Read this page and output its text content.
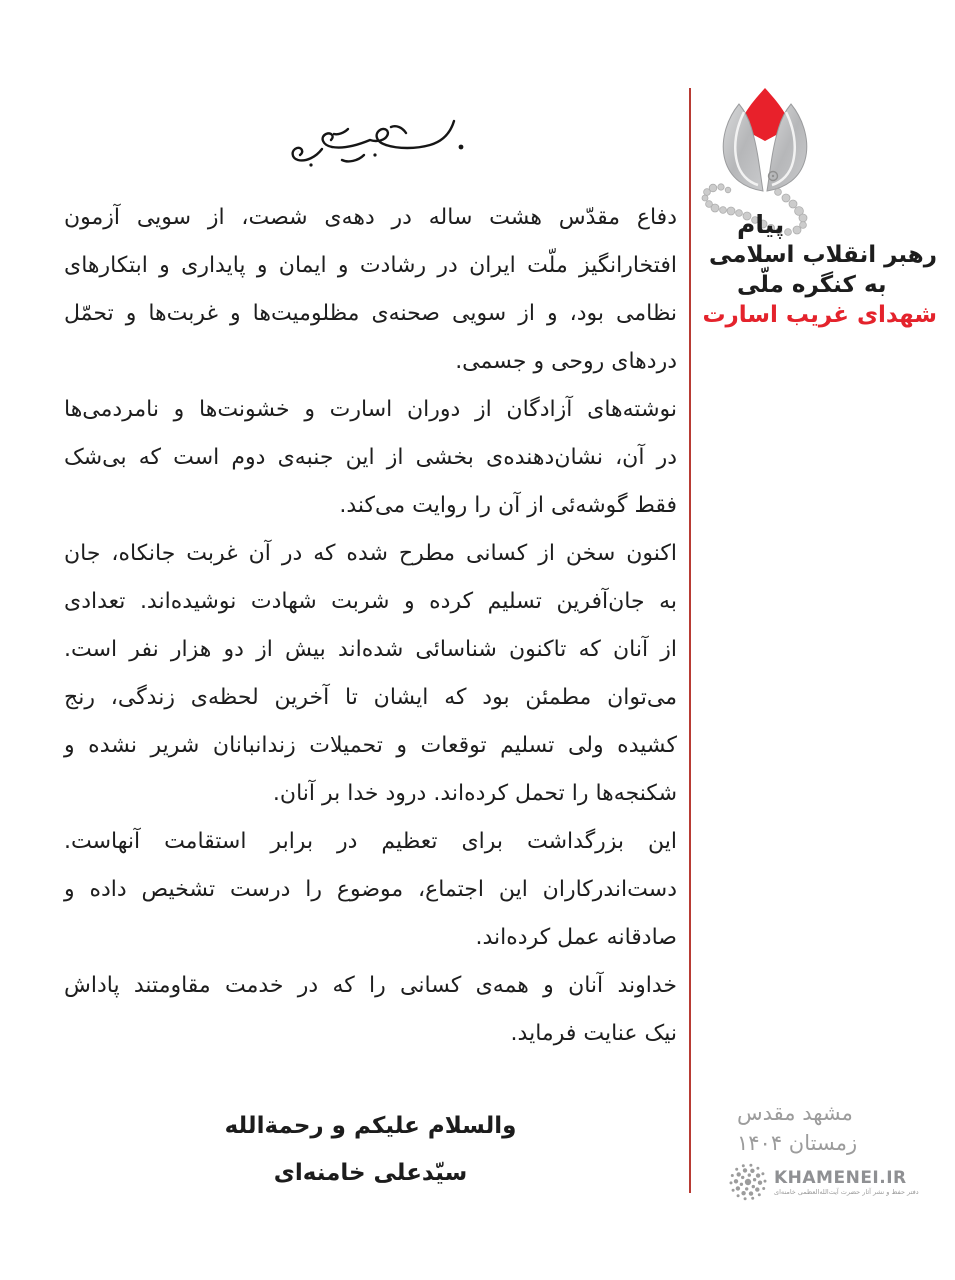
دفاع مقدّس هشت ساله در دهه‌ی شصت، از سویی آزمون
افتخارانگیز ملّت ایران در رشادت و ایمان و پایداری و ابتکارهای
نظامی بود، و از سویی صحنه‌ی مظلومیت‌ها و غربت‌ها و تحمّل
دردهای روحی و جسمی.
نوشته‌های آزادگان از دوران اسارت و خشونت‌ها و نامردمی‌ها
در آن، نشان‌دهنده‌ی بخشی از این جنبه‌ی دوم است که بی‌شک
فقط گوشه‌ئی از آن را روایت می‌کند.
اکنون سخن از کسانی مطرح شده که در آن غربت جانکاه، جان
به جان‌آفرین تسلیم کرده و شربت شهادت نوشیده‌اند. تعدادی
از آنان که تاکنون شناسائی شده‌اند بیش از دو هزار نفر است.
می‌توان مطمئن بود که ایشان تا آخرین لحظه‌ی زندگی، رنج
کشیده ولی تسلیم توقعات و تحمیلات زندانبانان شریر نشده و
شکنجه‌ها را تحمل کرده‌اند. درود خدا بر آنان.
این بزرگداشت برای تعظیم در برابر استقامت آنهاست.
دست‌اندرکاران این اجتماع، موضوع را درست تشخیص داده و
صادقانه عمل کرده‌اند.
خداوند آنان و همه‌ی کسانی را که در خدمت مقاومتند پاداش
نیک عنایت فرماید.
والسلام علیکم و رحمةالله
سیّدعلی خامنه‌ای
پیام
رهبر انقلاب اسلامی
به کنگره ملّی
شهدای غریب اسارت
مشهد مقدس
زمستان ۱۴۰۴
KHAMENEI.IR
دفتر حفظ و نشر آثار حضرت آیت‌الله‌العظمی خامنه‌ای
